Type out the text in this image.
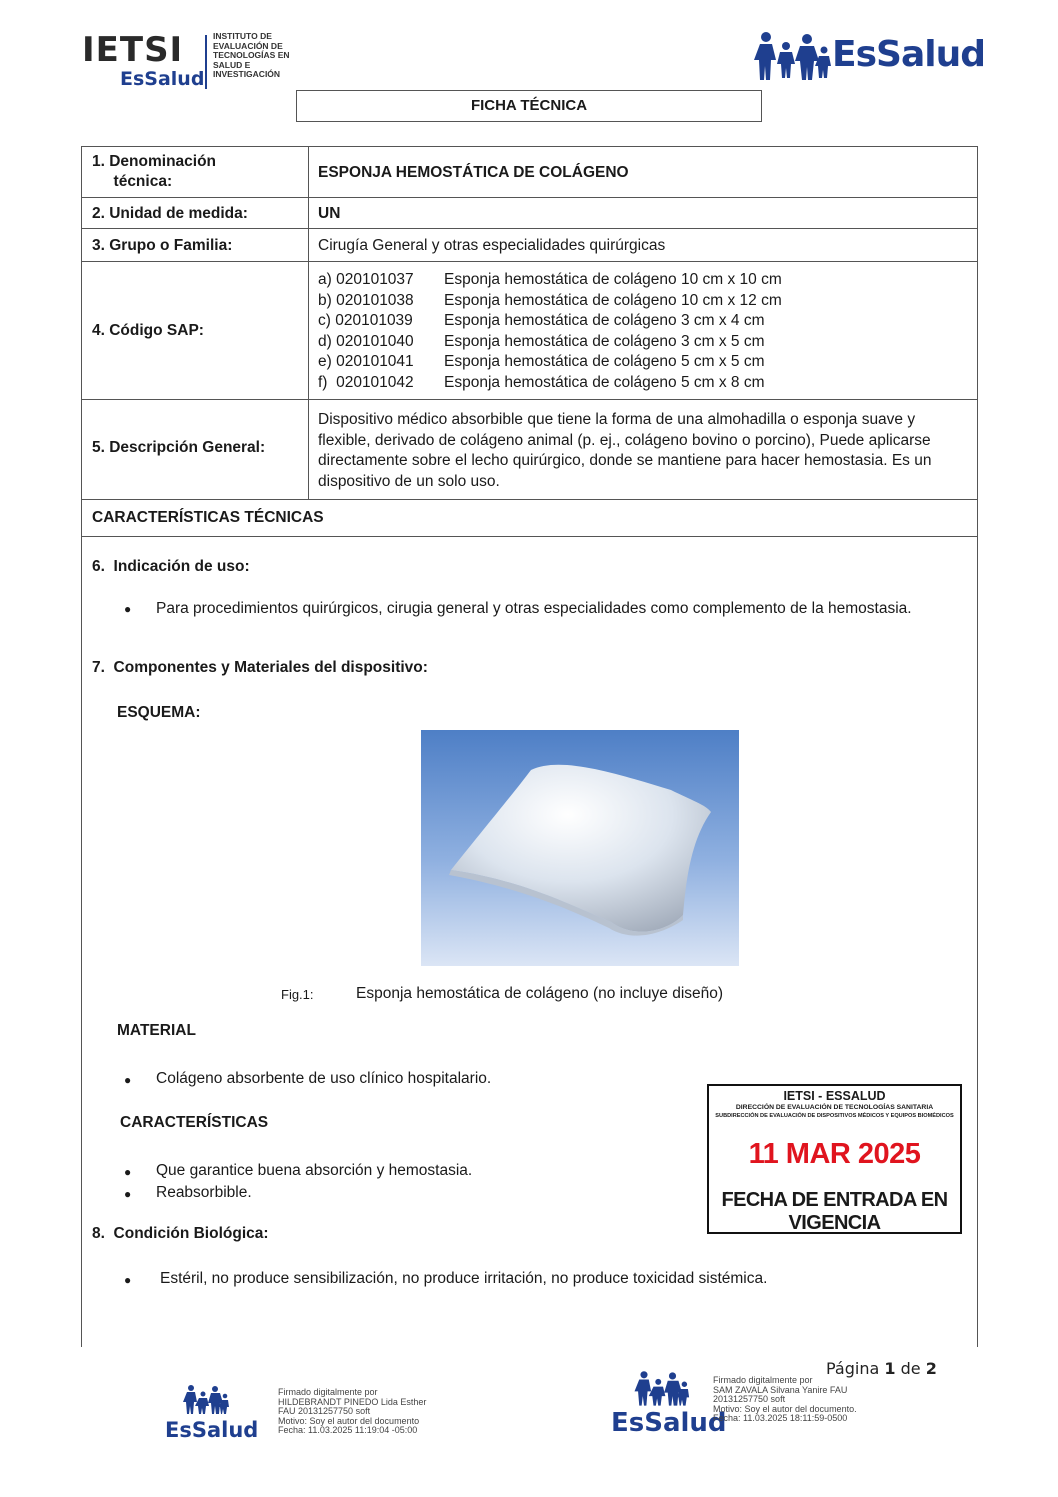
IETSI
EsSalud
INSTITUTO DE EVALUACIÓN DE TECNOLOGÍAS EN SALUD E INVESTIGACIÓN	EsSalud
FICHA TÉCNICA
1. Denominación
técnica:
ESPONJA HEMOSTÁTICA DE COLÁGENO
2. Unidad de medida:	UN
3. Grupo o Familia:	Cirugía General y otras especialidades quirúrgicas
4. Código SAP:
a) 020101037 Esponja hemostática de colágeno 10 cm x 10 cm
b) 020101038 Esponja hemostática de colágeno 10 cm x 12 cm
c) 020101039 Esponja hemostática de colágeno 3 cm x 4 cm
d) 020101040 Esponja hemostática de colágeno 3 cm x 5 cm
e) 020101041 Esponja hemostática de colágeno 5 cm x 5 cm
f)  020101042 Esponja hemostática de colágeno 5 cm x 8 cm
5. Descripción General:
Dispositivo médico absorbible que tiene la forma de una almohadilla o esponja suave y flexible, derivado de colágeno animal (p. ej., colágeno bovino o porcino), Puede aplicarse directamente sobre el lecho quirúrgico, donde se mantiene para hacer hemostasia. Es un dispositivo de un solo uso.
CARACTERÍSTICAS TÉCNICAS
6.  Indicación de uso:
● Para procedimientos quirúrgicos, cirugia general y otras especialidades como complemento de la hemostasia.
7.  Componentes y Materiales del dispositivo:
ESQUEMA:
MATERIAL
● Colágeno absorbente de uso clínico hospitalario.
CARACTERÍSTICAS
● Que garantice buena absorción y hemostasia.
● Reabsorbible.
8.  Condición Biológica:
● Estéril, no produce sensibilización, no produce irritación, no produce toxicidad sistémica.
Fig.1:	Esponja hemostática de colágeno (no incluye diseño)
IETSI - ESSALUD
DIRECCIÓN DE EVALUACIÓN DE TECNOLOGÍAS SANITARIA
SUBDIRECCIÓN DE EVALUACIÓN DE DISPOSITIVOS MÉDICOS Y EQUIPOS BIOMÉDICOS
11 MAR 2025
FECHA DE ENTRADA EN VIGENCIA
Página 1 de 2
EsSalud
Firmado digitalmente por
HILDEBRANDT PINEDO Lida Esther
FAU 20131257750 soft
Motivo: Soy el autor del documento
Fecha: 11.03.2025 11:19:04 -05:00	EsSalud
Firmado digitalmente por
SAM ZAVALA Silvana Yanire FAU
20131257750 soft
Motivo: Soy el autor del documento.
Fecha: 11.03.2025 18:11:59-0500
